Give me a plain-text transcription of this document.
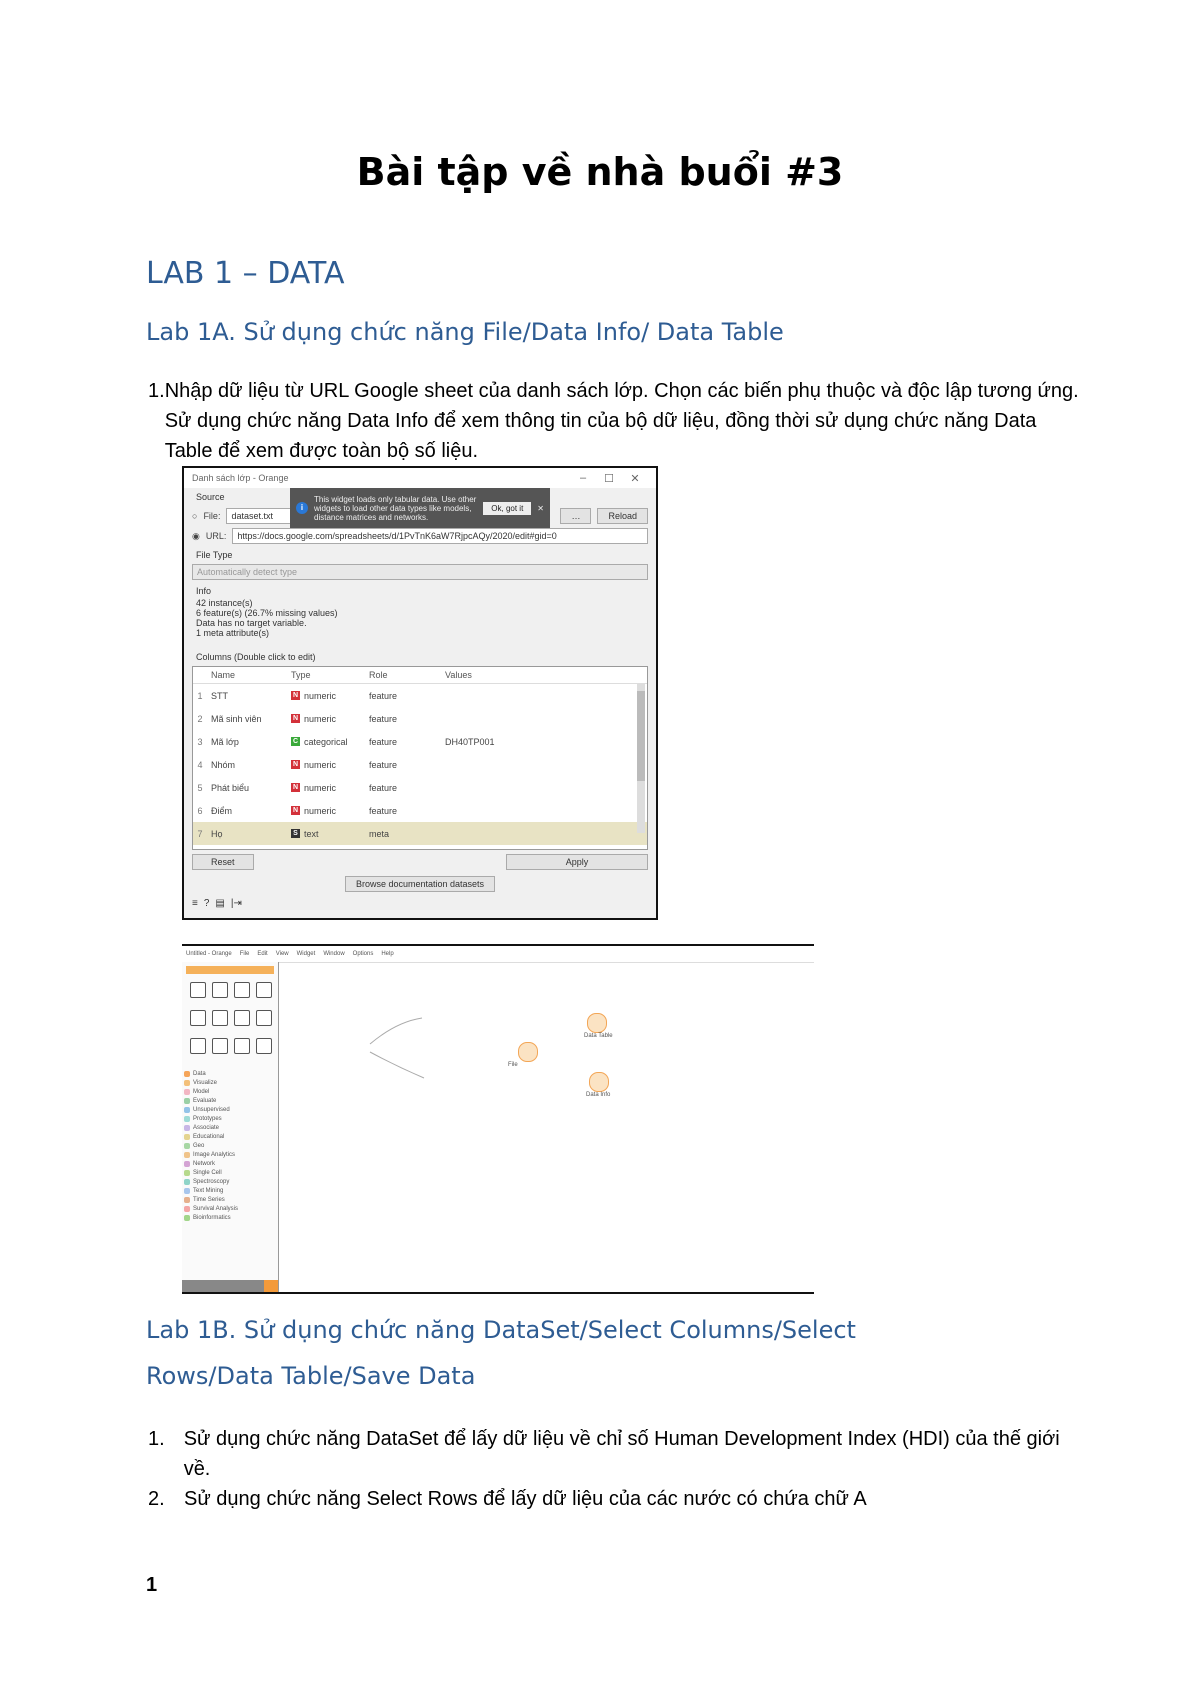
Bài tập về nhà buổi #3
LAB 1 – DATA
Lab 1A. Sử dụng chức năng File/Data Info/ Data Table
1. Nhập dữ liệu từ URL Google sheet của danh sách lớp. Chọn các biến phụ thuộc và độc lập tương ứng. Sử dụng chức năng Data Info để xem thông tin của bộ dữ liệu, đồng thời sử dụng chức năng Data Table để xem được toàn bộ số liệu.
Danh sách lớp - Orange	–	☐	✕
Source
○ File:	dataset.txt	…	Reload
◉ URL:	https://docs.google.com/spreadsheets/d/1PvTnK6aW7RjpcAQy/2020/edit#gid=0
i
This widget loads only tabular data. Use other widgets to load other data types like models, distance matrices and networks.
Ok, got it	✕
File Type
Automatically detect type
Info
42 instance(s)
6 feature(s) (26.7% missing values)
Data has no target variable.
1 meta attribute(s)
Columns (Double click to edit)
Name	Type	Role	Values
1 STT	N numeric	feature
2 Mã sinh viên	N numeric	feature
3 Mã lớp	C categorical feature	DH40TP001
4 Nhóm	N numeric	feature
5 Phát biểu	N numeric	feature
6 Điểm	N numeric	feature
7 Họ	S text	meta
Reset	Apply
Browse documentation datasets
≡ ? ▤ |⇥
Untitled - Orange File Edit View Widget Window Options Help
Data
Visualize
Model
Evaluate
Unsupervised
Prototypes
Associate
Educational
Geo
Image Analytics
Network
Single Cell
Spectroscopy
Text Mining
Time Series
Survival Analysis
Bioinformatics
File
Data Table
Data Info
Lab 1B. Sử dụng chức năng DataSet/Select Columns/Select
Rows/Data Table/Save Data
1. Sử dụng chức năng DataSet để lấy dữ liệu về chỉ số Human Development Index (HDI) của thế giới về.
2. Sử dụng chức năng Select Rows để lấy dữ liệu của các nước có chứa chữ A
1
